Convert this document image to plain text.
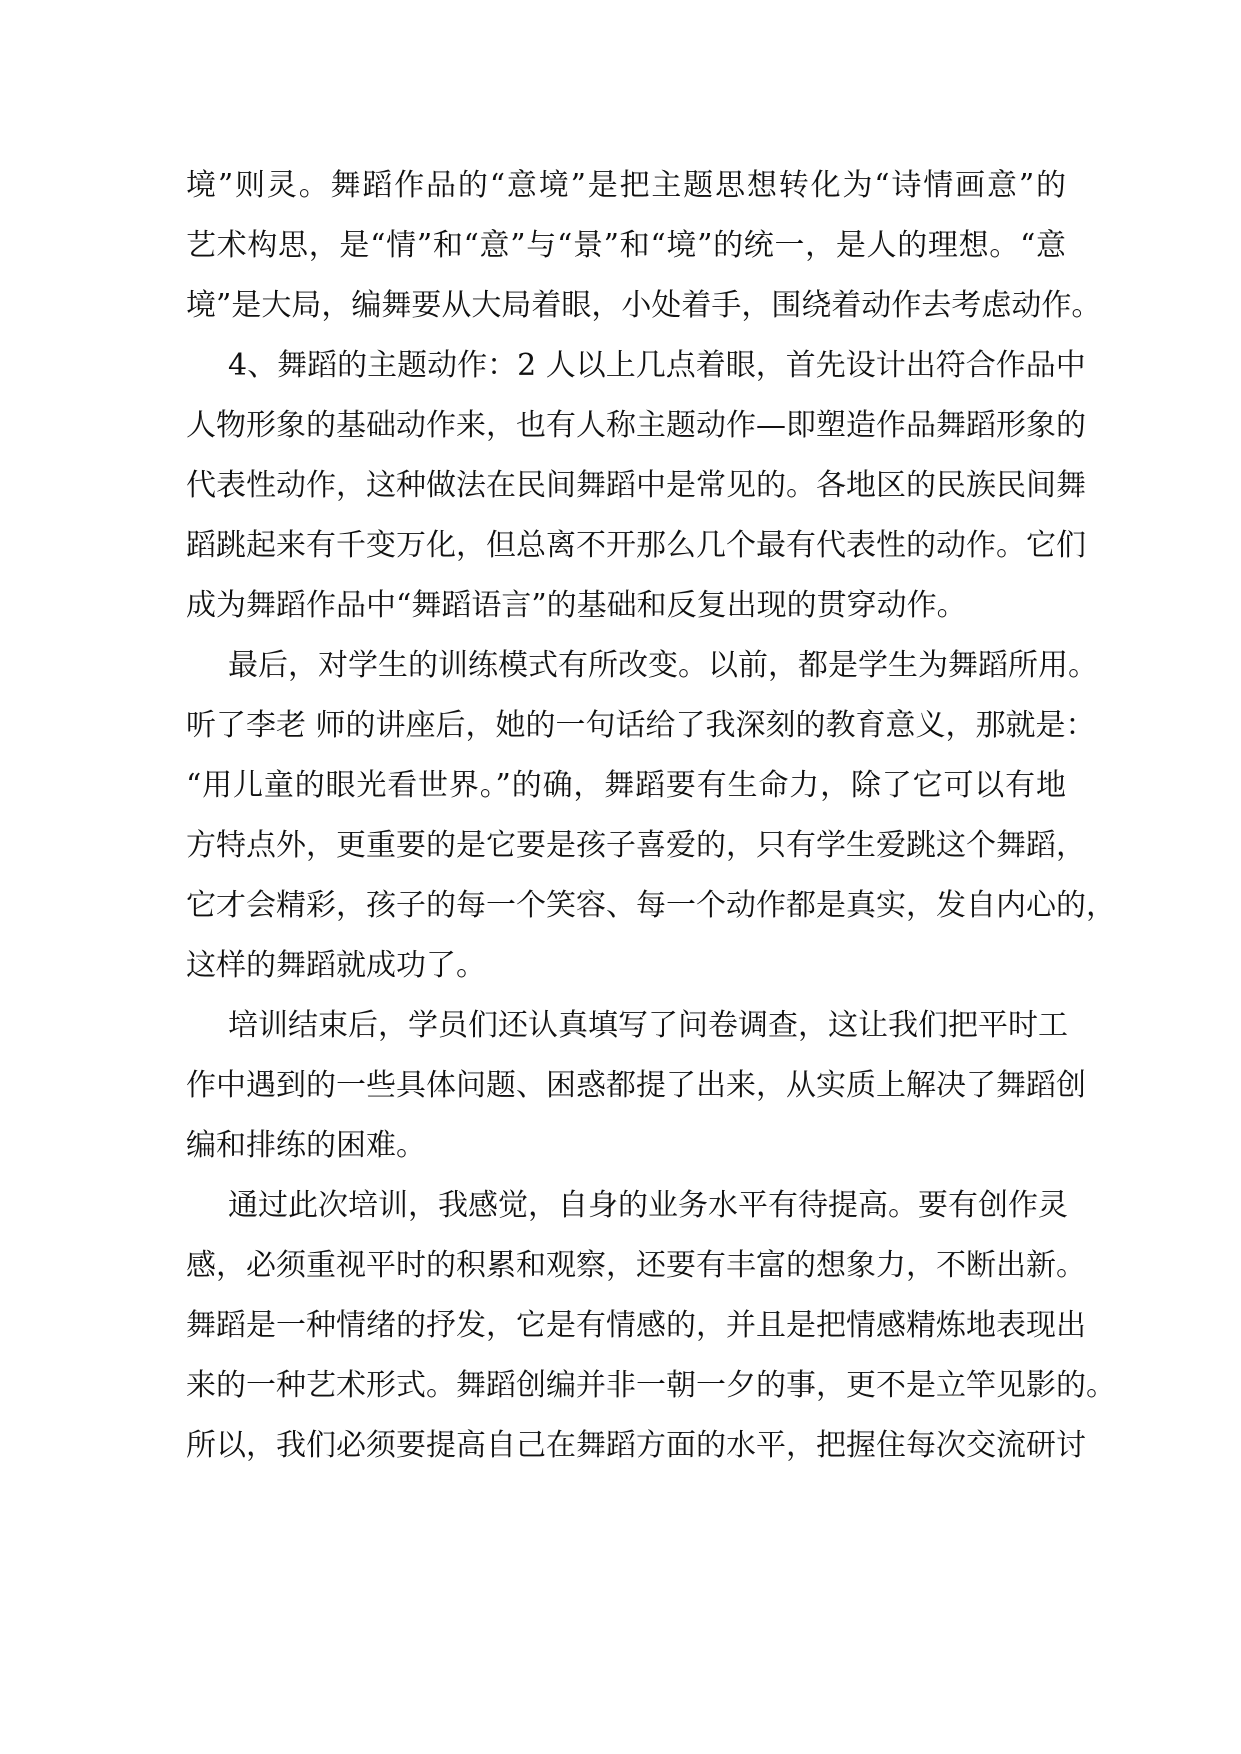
境”则灵。舞蹈作品的“意境”是把主题思想转化为“诗情画意”的
艺术构思，是“情”和“意”与“景”和“境”的统一，是人的理想。“意
境”是大局，编舞要从大局着眼，小处着手，围绕着动作去考虑动作。
4、舞蹈的主题动作：2 人以上几点着眼，首先设计出符合作品中
人物形象的基础动作来，也有人称主题动作—即塑造作品舞蹈形象的
代表性动作，这种做法在民间舞蹈中是常见的。各地区的民族民间舞
蹈跳起来有千变万化，但总离不开那么几个最有代表性的动作。它们
成为舞蹈作品中“舞蹈语言”的基础和反复出现的贯穿动作。
最后，对学生的训练模式有所改变。以前，都是学生为舞蹈所用。
听了李老 师的讲座后，她的一句话给了我深刻的教育意义，那就是：
“用儿童的眼光看世界。”的确，舞蹈要有生命力，除了它可以有地
方特点外，更重要的是它要是孩子喜爱的，只有学生爱跳这个舞蹈，
它才会精彩，孩子的每一个笑容、每一个动作都是真实，发自内心的，
这样的舞蹈就成功了。
培训结束后，学员们还认真填写了问卷调查，这让我们把平时工
作中遇到的一些具体问题、困惑都提了出来，从实质上解决了舞蹈创
编和排练的困难。
通过此次培训，我感觉，自身的业务水平有待提高。要有创作灵
感，必须重视平时的积累和观察，还要有丰富的想象力，不断出新。
舞蹈是一种情绪的抒发，它是有情感的，并且是把情感精炼地表现出
来的一种艺术形式。舞蹈创编并非一朝一夕的事，更不是立竿见影的。
所以，我们必须要提高自己在舞蹈方面的水平，把握住每次交流研讨
